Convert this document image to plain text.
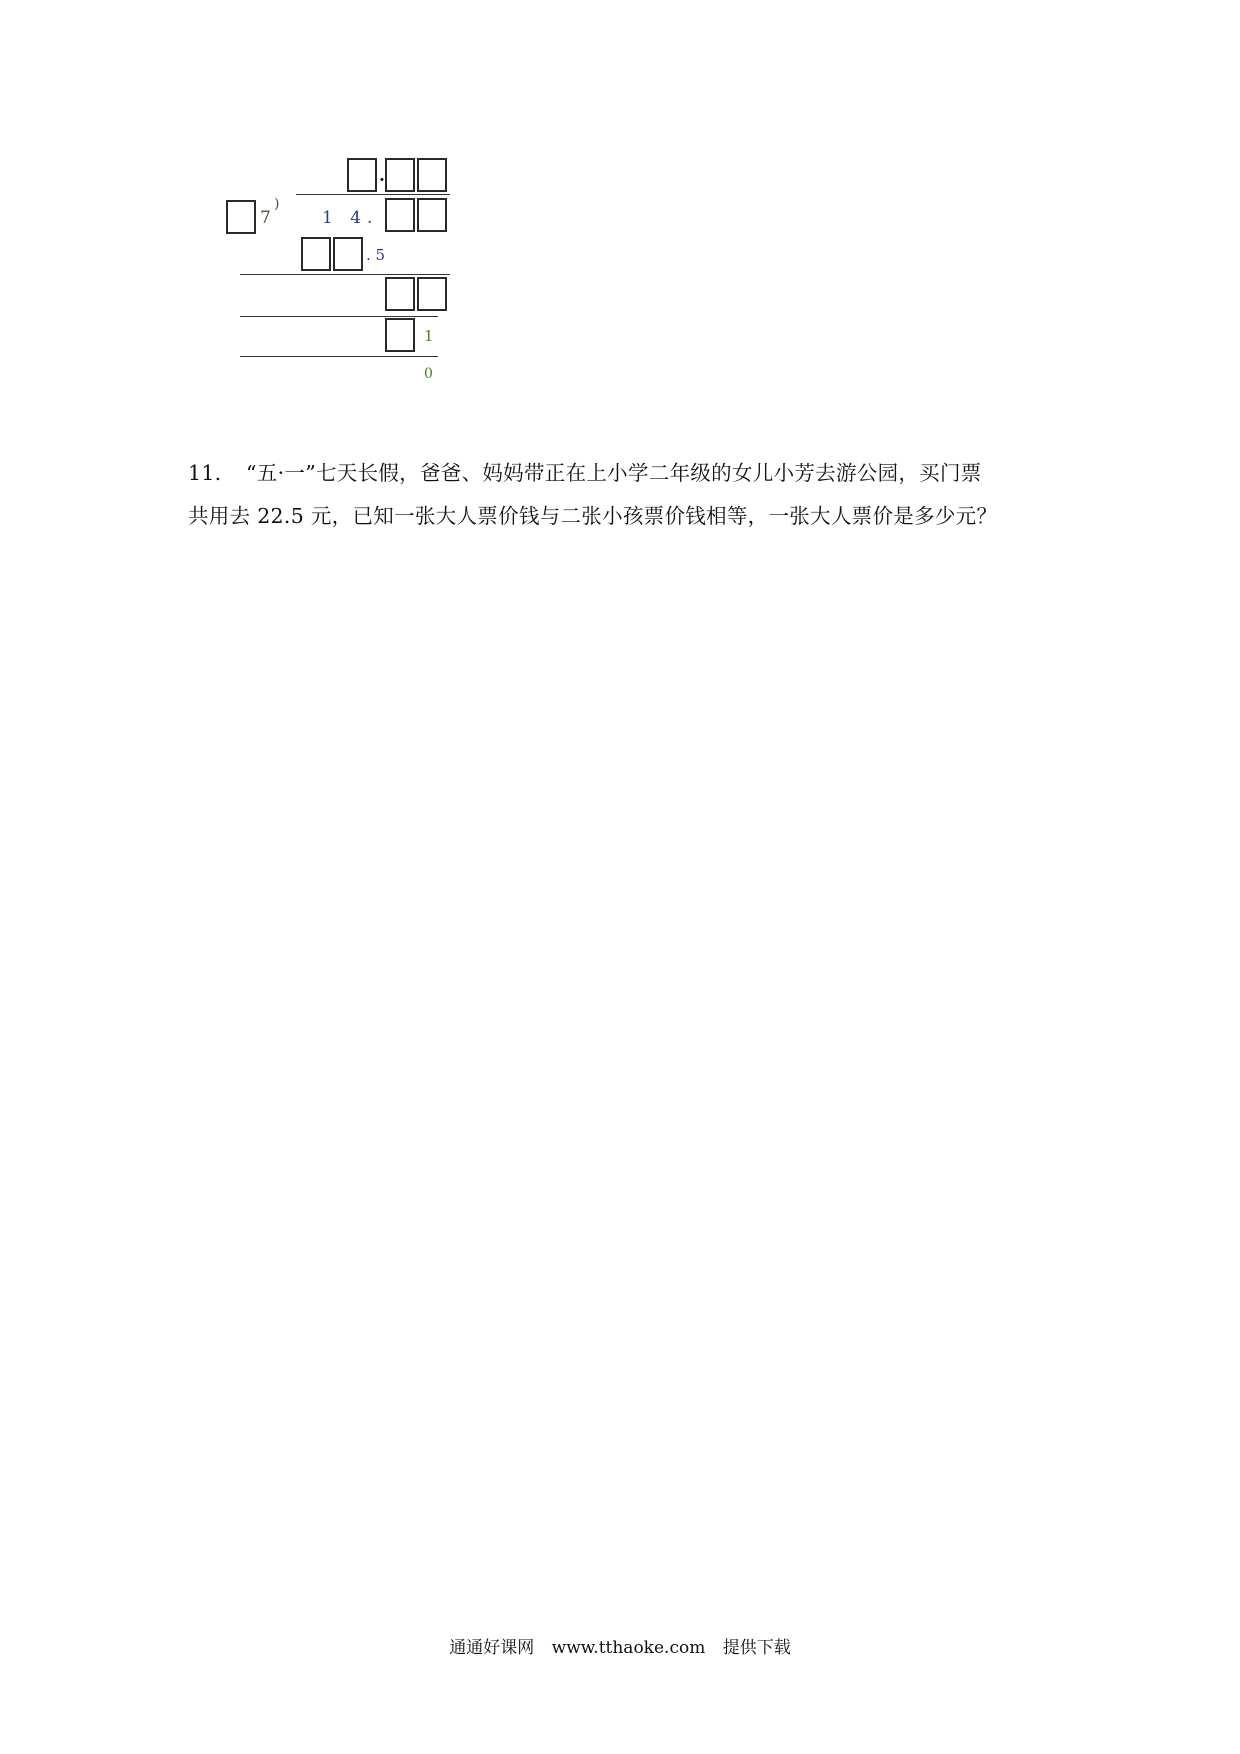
.
7
)
1 4.
. 5
1
0
11. “五·一”七天长假，爸爸、妈妈带正在上小学二年级的女儿小芳去游公园，买门票
共用去 22.5 元，已知一张大人票价钱与二张小孩票价钱相等，一张大人票价是多少元？
通通好课网 www.tthaoke.com 提供下载
